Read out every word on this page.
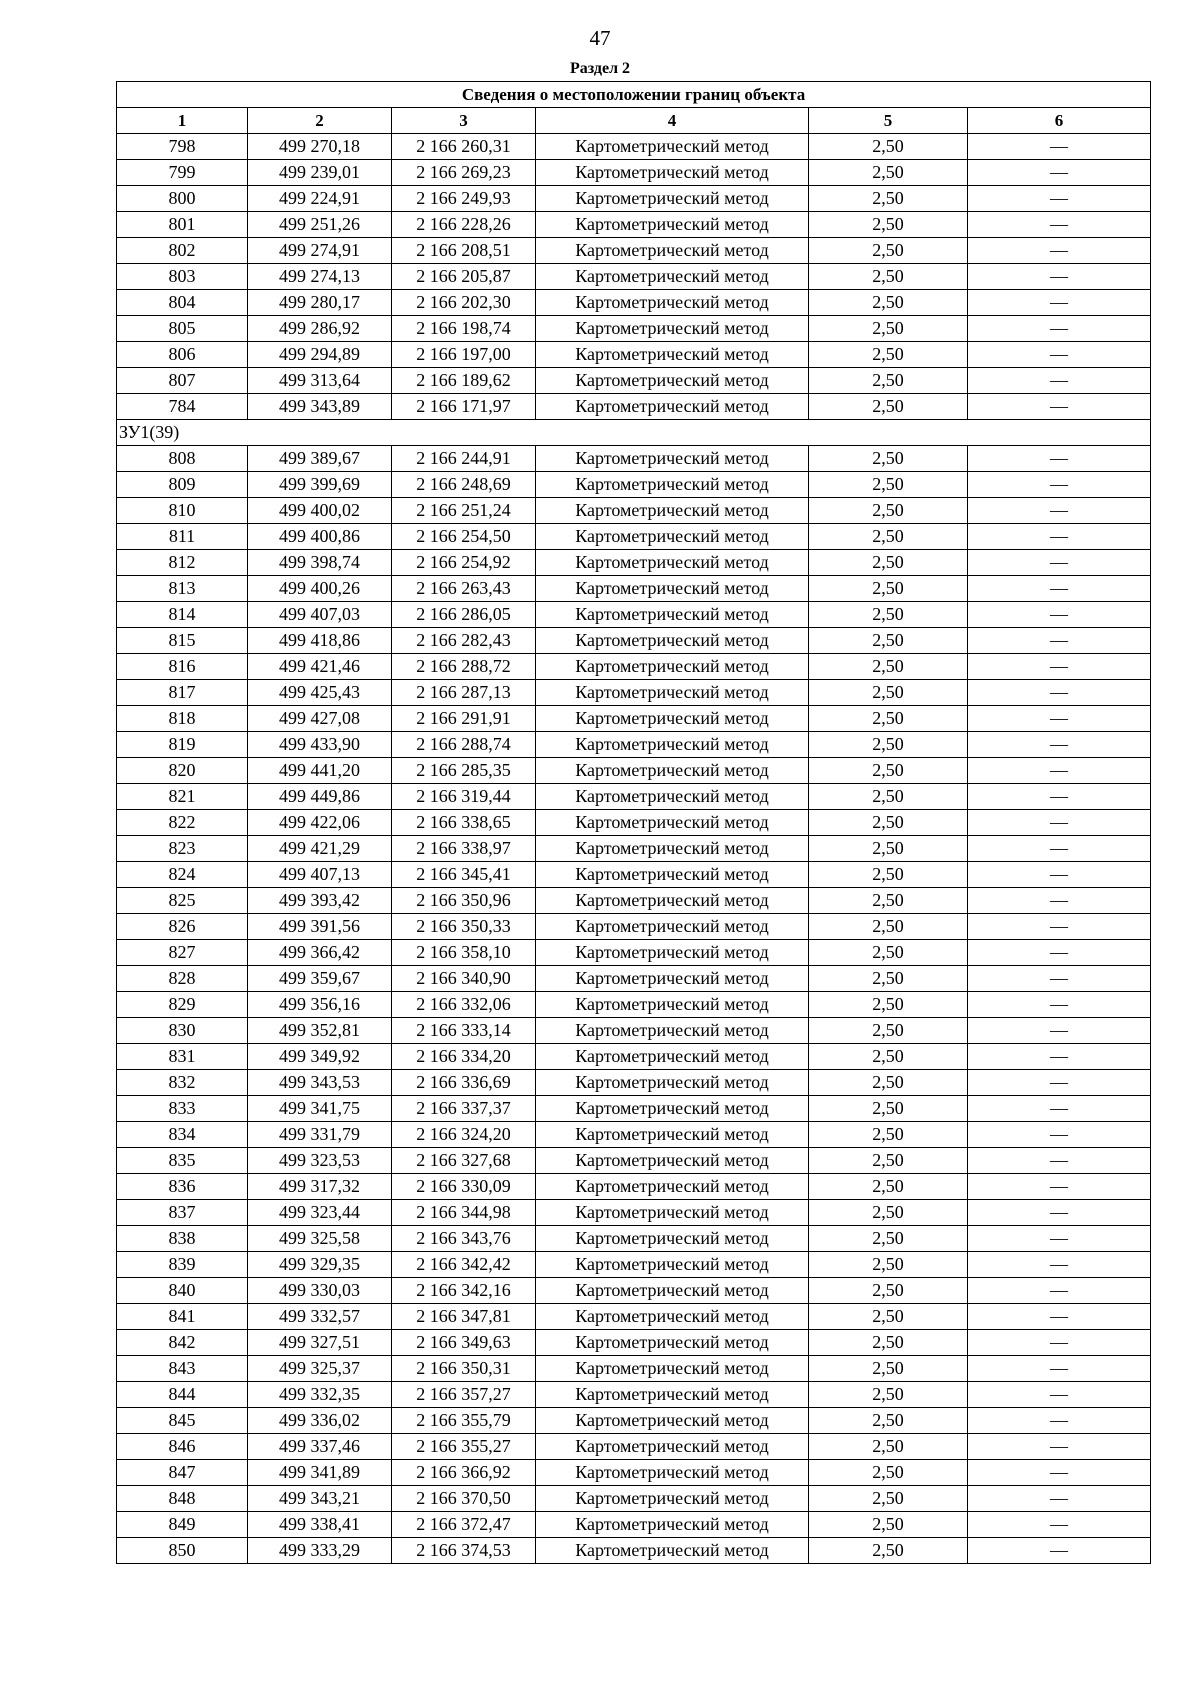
47
Раздел 2
Сведения о местоположении границ объекта					
1	2	3	4	5	6
798	499 270,18	2 166 260,31	Картометрический метод	2,50	—
799	499 239,01	2 166 269,23	Картометрический метод	2,50	—
800	499 224,91	2 166 249,93	Картометрический метод	2,50	—
801	499 251,26	2 166 228,26	Картометрический метод	2,50	—
802	499 274,91	2 166 208,51	Картометрический метод	2,50	—
803	499 274,13	2 166 205,87	Картометрический метод	2,50	—
804	499 280,17	2 166 202,30	Картометрический метод	2,50	—
805	499 286,92	2 166 198,74	Картометрический метод	2,50	—
806	499 294,89	2 166 197,00	Картометрический метод	2,50	—
807	499 313,64	2 166 189,62	Картометрический метод	2,50	—
784	499 343,89	2 166 171,97	Картометрический метод	2,50	—
ЗУ1(39)					
808	499 389,67	2 166 244,91	Картометрический метод	2,50	—
809	499 399,69	2 166 248,69	Картометрический метод	2,50	—
810	499 400,02	2 166 251,24	Картометрический метод	2,50	—
811	499 400,86	2 166 254,50	Картометрический метод	2,50	—
812	499 398,74	2 166 254,92	Картометрический метод	2,50	—
813	499 400,26	2 166 263,43	Картометрический метод	2,50	—
814	499 407,03	2 166 286,05	Картометрический метод	2,50	—
815	499 418,86	2 166 282,43	Картометрический метод	2,50	—
816	499 421,46	2 166 288,72	Картометрический метод	2,50	—
817	499 425,43	2 166 287,13	Картометрический метод	2,50	—
818	499 427,08	2 166 291,91	Картометрический метод	2,50	—
819	499 433,90	2 166 288,74	Картометрический метод	2,50	—
820	499 441,20	2 166 285,35	Картометрический метод	2,50	—
821	499 449,86	2 166 319,44	Картометрический метод	2,50	—
822	499 422,06	2 166 338,65	Картометрический метод	2,50	—
823	499 421,29	2 166 338,97	Картометрический метод	2,50	—
824	499 407,13	2 166 345,41	Картометрический метод	2,50	—
825	499 393,42	2 166 350,96	Картометрический метод	2,50	—
826	499 391,56	2 166 350,33	Картометрический метод	2,50	—
827	499 366,42	2 166 358,10	Картометрический метод	2,50	—
828	499 359,67	2 166 340,90	Картометрический метод	2,50	—
829	499 356,16	2 166 332,06	Картометрический метод	2,50	—
830	499 352,81	2 166 333,14	Картометрический метод	2,50	—
831	499 349,92	2 166 334,20	Картометрический метод	2,50	—
832	499 343,53	2 166 336,69	Картометрический метод	2,50	—
833	499 341,75	2 166 337,37	Картометрический метод	2,50	—
834	499 331,79	2 166 324,20	Картометрический метод	2,50	—
835	499 323,53	2 166 327,68	Картометрический метод	2,50	—
836	499 317,32	2 166 330,09	Картометрический метод	2,50	—
837	499 323,44	2 166 344,98	Картометрический метод	2,50	—
838	499 325,58	2 166 343,76	Картометрический метод	2,50	—
839	499 329,35	2 166 342,42	Картометрический метод	2,50	—
840	499 330,03	2 166 342,16	Картометрический метод	2,50	—
841	499 332,57	2 166 347,81	Картометрический метод	2,50	—
842	499 327,51	2 166 349,63	Картометрический метод	2,50	—
843	499 325,37	2 166 350,31	Картометрический метод	2,50	—
844	499 332,35	2 166 357,27	Картометрический метод	2,50	—
845	499 336,02	2 166 355,79	Картометрический метод	2,50	—
846	499 337,46	2 166 355,27	Картометрический метод	2,50	—
847	499 341,89	2 166 366,92	Картометрический метод	2,50	—
848	499 343,21	2 166 370,50	Картометрический метод	2,50	—
849	499 338,41	2 166 372,47	Картометрический метод	2,50	—
850	499 333,29	2 166 374,53	Картометрический метод	2,50	—
